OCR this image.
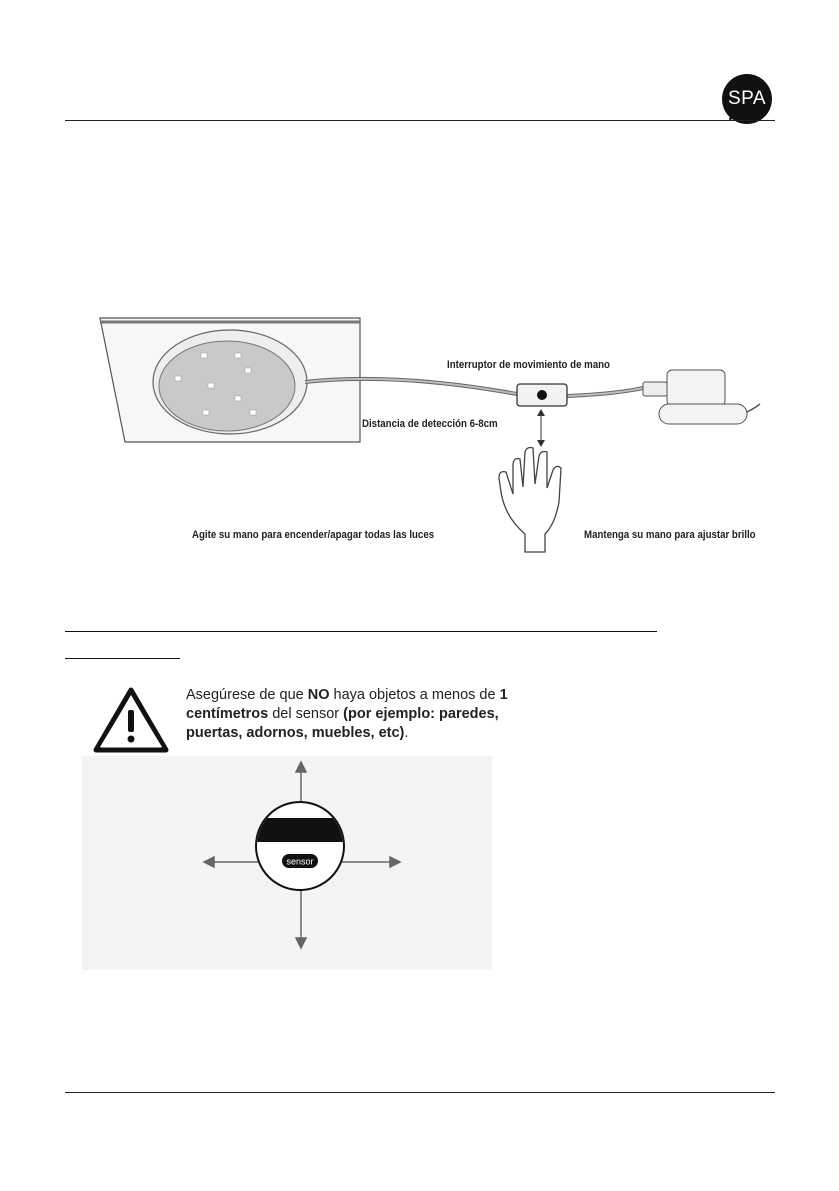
SPA
Interruptor de movimiento de mano
Distancia de detección 6-8cm
Agite su mano para encender/apagar todas las luces	Mantenga su mano para ajustar brillo
Asegúrese de que NO haya objetos a menos de 1 centímetros del sensor (por ejemplo: paredes, puertas, adornos, muebles, etc).
sensor
